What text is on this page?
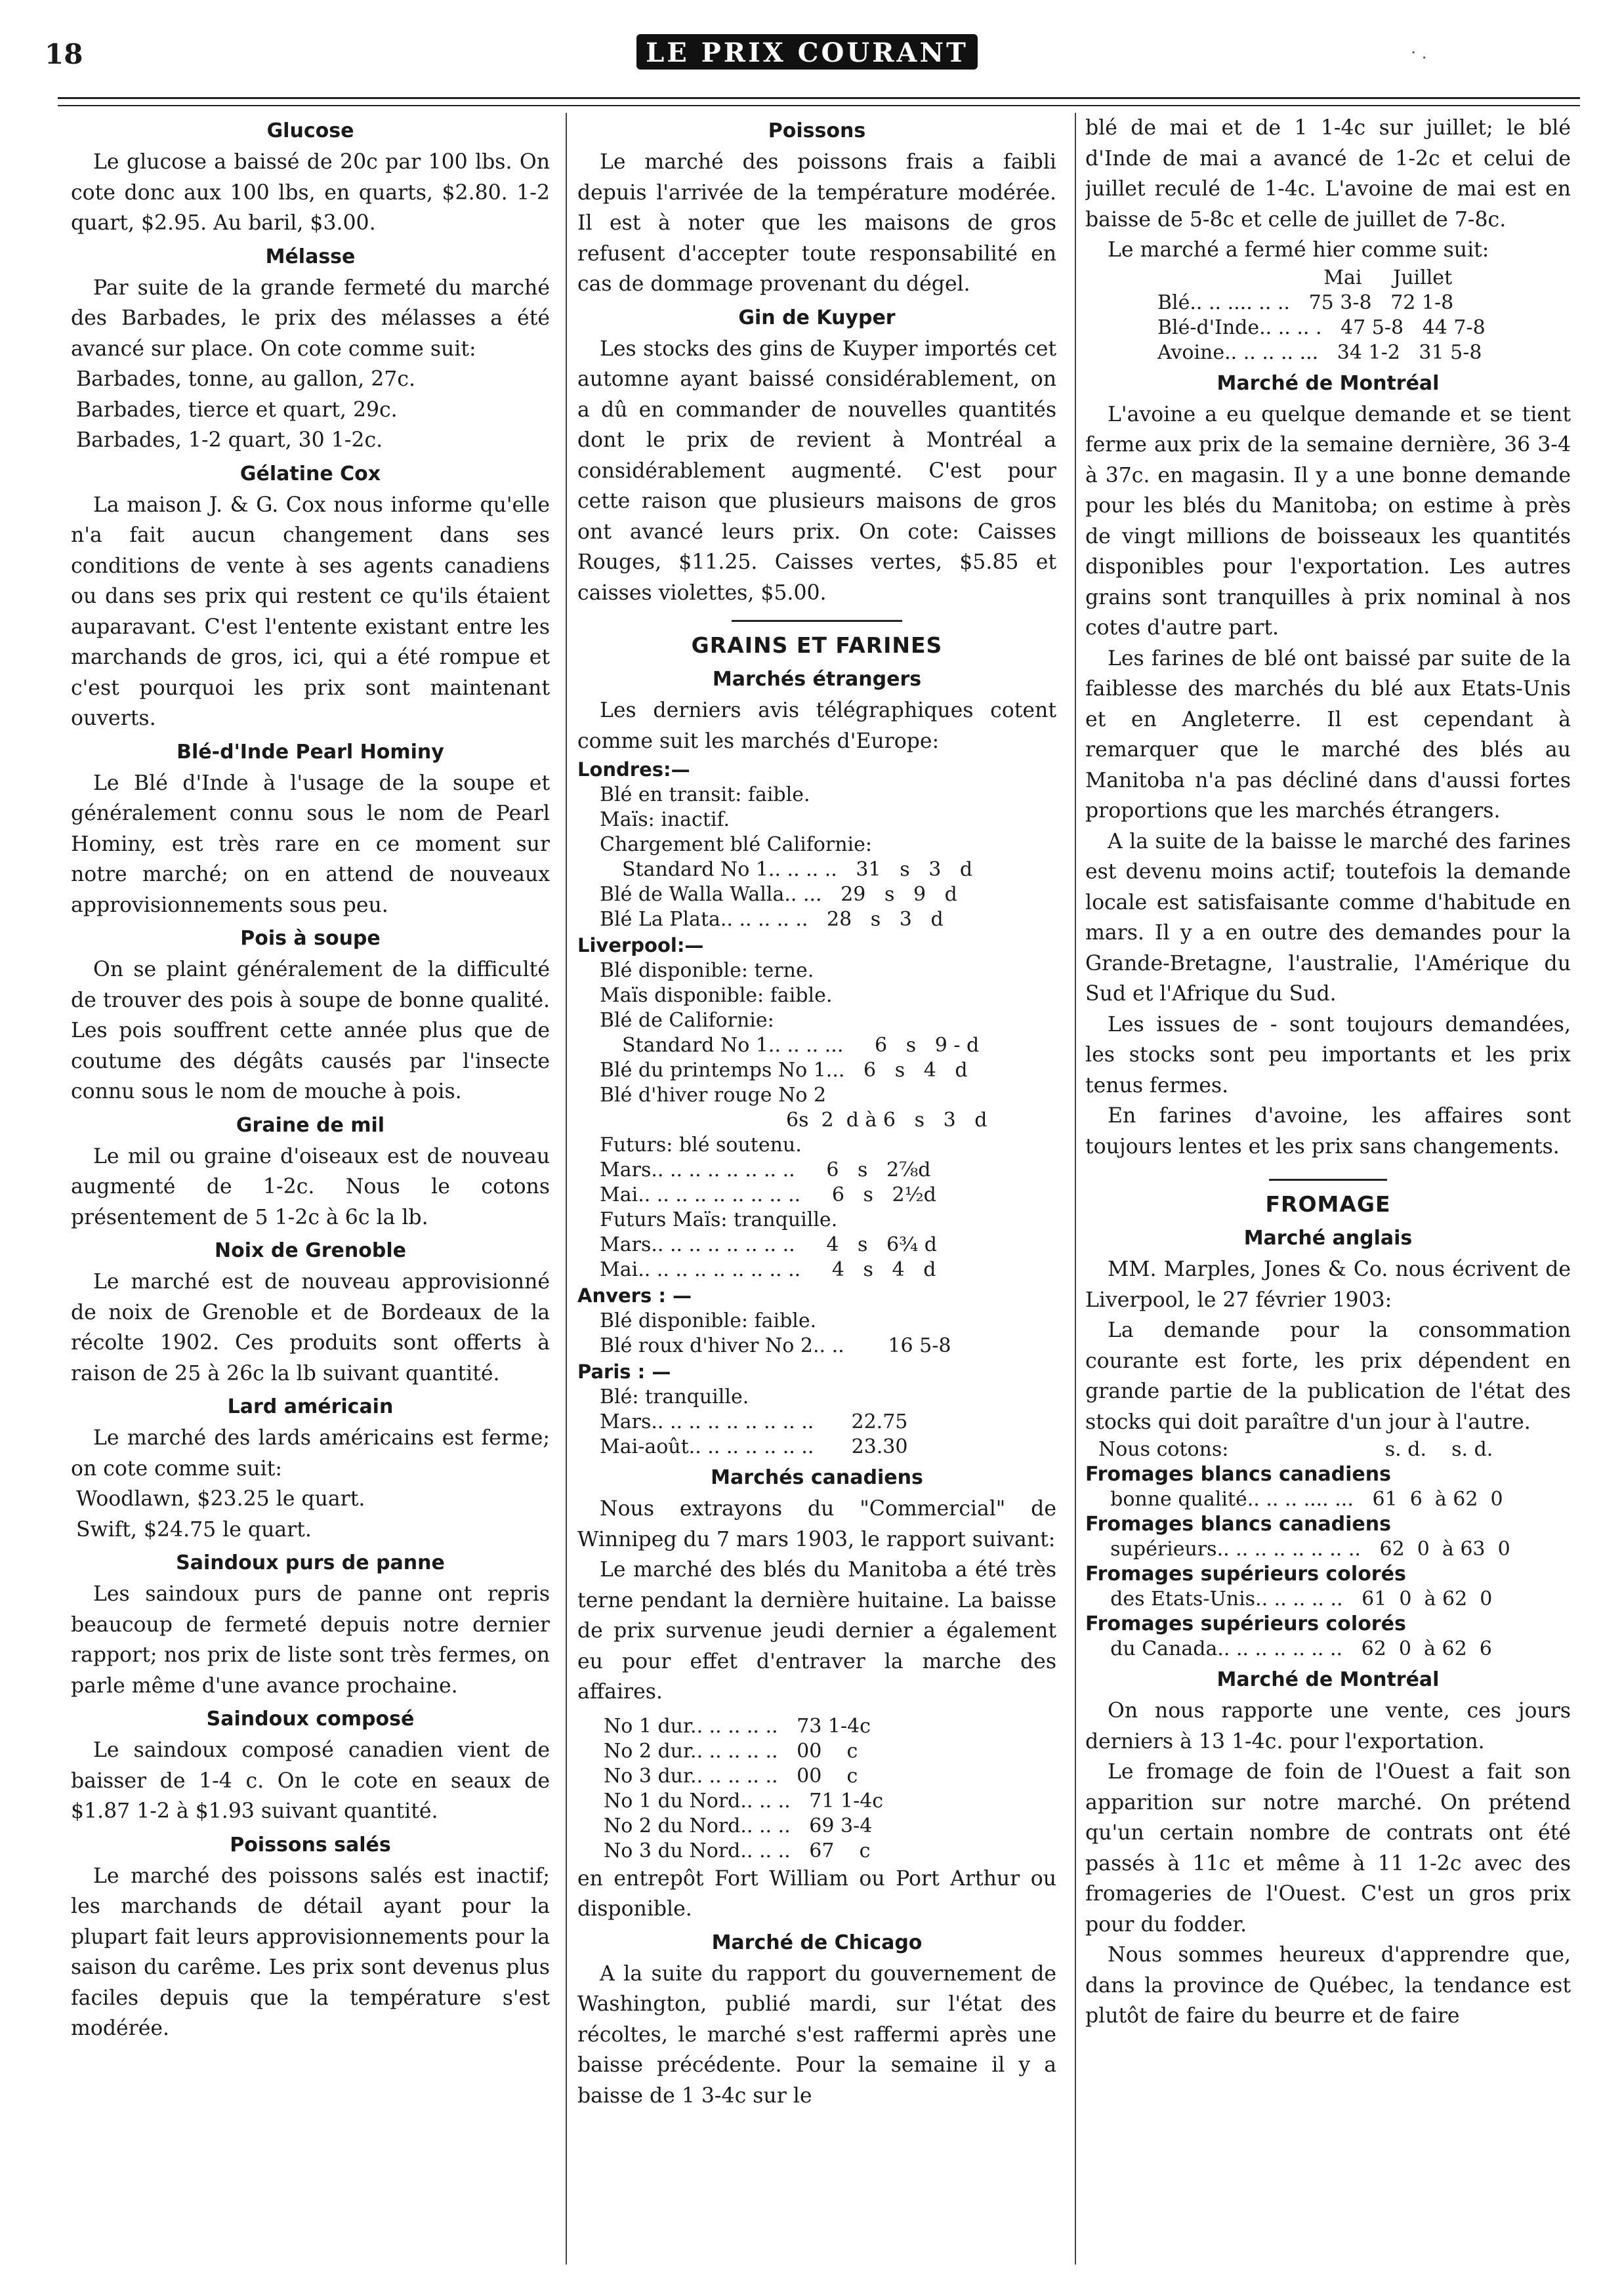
18	LE PRIX COURANT	· .
Glucose

Le glucose a baissé de 20c par 100 lbs. On cote donc aux 100 lbs, en quarts, $2.80. 1-2 quart, $2.95. Au baril, $3.00.

Mélasse

Par suite de la grande fermeté du marché des Barbades, le prix des mélasses a été avancé sur place. On cote comme suit:

Barbades, tonne, au gallon, 27c.
Barbades, tierce et quart, 29c.
Barbades, 1-2 quart, 30 1-2c.
Gélatine Cox

La maison J. & G. Cox nous informe qu'elle n'a fait aucun changement dans ses conditions de vente à ses agents canadiens ou dans ses prix qui restent ce qu'ils étaient auparavant. C'est l'entente existant entre les marchands de gros, ici, qui a été rompue et c'est pourquoi les prix sont maintenant ouverts.

Blé-d'Inde Pearl Hominy

Le Blé d'Inde à l'usage de la soupe et généralement connu sous le nom de Pearl Hominy, est très rare en ce moment sur notre marché; on en attend de nouveaux approvisionnements sous peu.

Pois à soupe

On se plaint généralement de la difficulté de trouver des pois à soupe de bonne qualité. Les pois souffrent cette année plus que de coutume des dégâts causés par l'insecte connu sous le nom de mouche à pois.

Graine de mil

Le mil ou graine d'oiseaux est de nouveau augmenté de 1-2c. Nous le cotons présentement de 5 1-2c à 6c la lb.

Noix de Grenoble

Le marché est de nouveau approvisionné de noix de Grenoble et de Bordeaux de la récolte 1902. Ces produits sont offerts à raison de 25 à 26c la lb suivant quantité.

Lard américain

Le marché des lards américains est ferme; on cote comme suit:

Woodlawn, $23.25 le quart.
Swift, $24.75 le quart.
Saindoux purs de panne

Les saindoux purs de panne ont repris beaucoup de fermeté depuis notre dernier rapport; nos prix de liste sont très fermes, on parle même d'une avance prochaine.

Saindoux composé

Le saindoux composé canadien vient de baisser de 1-4 c. On le cote en seaux de $1.87 1-2 à $1.93 suivant quantité.

Poissons salés

Le marché des poissons salés est inactif; les marchands de détail ayant pour la plupart fait leurs approvisionnements pour la saison du carême. Les prix sont devenus plus faciles depuis que la température s'est modérée.

Poissons

Le marché des poissons frais a faibli depuis l'arrivée de la température modérée. Il est à noter que les maisons de gros refusent d'accepter toute responsabilité en cas de dommage provenant du dégel.

Gin de Kuyper

Les stocks des gins de Kuyper importés cet automne ayant baissé considérablement, on a dû en commander de nouvelles quantités dont le prix de revient à Montréal a considérablement augmenté. C'est pour cette raison que plusieurs maisons de gros ont avancé leurs prix. On cote: Caisses Rouges, $11.25. Caisses vertes, $5.85 et caisses violettes, $5.00.

GRAINS ET FARINES
Marchés étrangers

Les derniers avis télégraphiques cotent comme suit les marchés d'Europe:

Londres:—
Blé en transit: faible.
Maïs: inactif.
Chargement blé Californie:
Standard No 1.. .. .. ..   31   s   3   d
Blé de Walla Walla.. ...   29   s   9   d
Blé La Plata.. .. .. .. ..   28   s   3   d
Liverpool:—
Blé disponible: terne.
Maïs disponible: faible.
Blé de Californie:
Standard No 1.. .. .. ...     6   s   9 - d
Blé du printemps No 1...   6   s   4   d
Blé d'hiver rouge No 2
6s  2  d à 6   s   3   d
Futurs: blé soutenu.
Mars.. .. .. .. .. .. .. ..     6   s   2⅞d
Mai.. .. .. .. .. .. .. .. ..     6   s   2½d
Futurs Maïs: tranquille.
Mars.. .. .. .. .. .. .. ..     4   s   6¾ d
Mai.. .. .. .. .. .. .. .. ..     4   s   4   d
Anvers : —
Blé disponible: faible.
Blé roux d'hiver No 2.. ..       16 5-8
Paris : —
Blé: tranquille.
Mars.. .. .. .. .. .. .. .. ..      22.75
Mai-août.. .. .. .. .. .. ..      23.30
Marchés canadiens

Nous extrayons du "Commercial" de Winnipeg du 7 mars 1903, le rapport suivant:

Le marché des blés du Manitoba a été très terne pendant la dernière huitaine. La baisse de prix survenue jeudi dernier a également eu pour effet d'entraver la marche des affaires.

No 1 dur.. .. .. .. ..   73 1-4c
No 2 dur.. .. .. .. ..   00    c
No 3 dur.. .. .. .. ..   00    c
No 1 du Nord.. .. ..   71 1-4c
No 2 du Nord.. .. ..   69 3-4
No 3 du Nord.. .. ..   67    c

en entrepôt Fort William ou Port Arthur ou disponible.

Marché de Chicago

A la suite du rapport du gouvernement de Washington, publié mardi, sur l'état des récoltes, le marché s'est raffermi après une baisse précédente. Pour la semaine il y a baisse de 1 3-4c sur le

blé de mai et de 1 1-4c sur juillet; le blé d'Inde de mai a avancé de 1-2c et celui de juillet reculé de 1-4c. L'avoine de mai est en baisse de 5-8c et celle de juillet de 7-8c.

Le marché a fermé hier comme suit:

Mai     Juillet
Blé.. .. .... .. ..   75 3-8   72 1-8
Blé-d'Inde.. .. .. .   47 5-8   44 7-8
Avoine.. .. .. .. ...   34 1-2   31 5-8
Marché de Montréal

L'avoine a eu quelque demande et se tient ferme aux prix de la semaine dernière, 36 3-4 à 37c. en magasin. Il y a une bonne demande pour les blés du Manitoba; on estime à près de vingt millions de boisseaux les quantités disponibles pour l'exportation. Les autres grains sont tranquilles à prix nominal à nos cotes d'autre part.

Les farines de blé ont baissé par suite de la faiblesse des marchés du blé aux Etats-Unis et en Angleterre. Il est cependant à remarquer que le marché des blés au Manitoba n'a pas décliné dans d'aussi fortes proportions que les marchés étrangers.

A la suite de la baisse le marché des farines est devenu moins actif; toutefois la demande locale est satisfaisante comme d'habitude en mars. Il y a en outre des demandes pour la Grande-Bretagne, l'australie, l'Amérique du Sud et l'Afrique du Sud.

Les issues de - sont toujours demandées, les stocks sont peu importants et les prix tenus fermes.

En farines d'avoine, les affaires sont toujours lentes et les prix sans changements.

FROMAGE
Marché anglais

MM. Marples, Jones & Co. nous écrivent de Liverpool, le 27 février 1903:

La demande pour la consommation courante est forte, les prix dépendent en grande partie de la publication de l'état des stocks qui doit paraître d'un jour à l'autre.

Nous cotons:                         s. d.    s. d.
Fromages blancs canadiens
bonne qualité.. .. .. .... ...   61  6  à 62  0
Fromages blancs canadiens
supérieurs.. .. .. .. .. .. .. ..   62  0  à 63  0
Fromages supérieurs colorés
des Etats-Unis.. .. .. .. ..   61  0  à 62  0
Fromages supérieurs colorés
du Canada.. .. .. .. .. .. ..   62  0  à 62  6
Marché de Montréal

On nous rapporte une vente, ces jours derniers à 13 1-4c. pour l'exportation.

Le fromage de foin de l'Ouest a fait son apparition sur notre marché. On prétend qu'un certain nombre de contrats ont été passés à 11c et même à 11 1-2c avec des fromageries de l'Ouest. C'est un gros prix pour du fodder.

Nous sommes heureux d'apprendre que, dans la province de Québec, la tendance est plutôt de faire du beurre et de faire
